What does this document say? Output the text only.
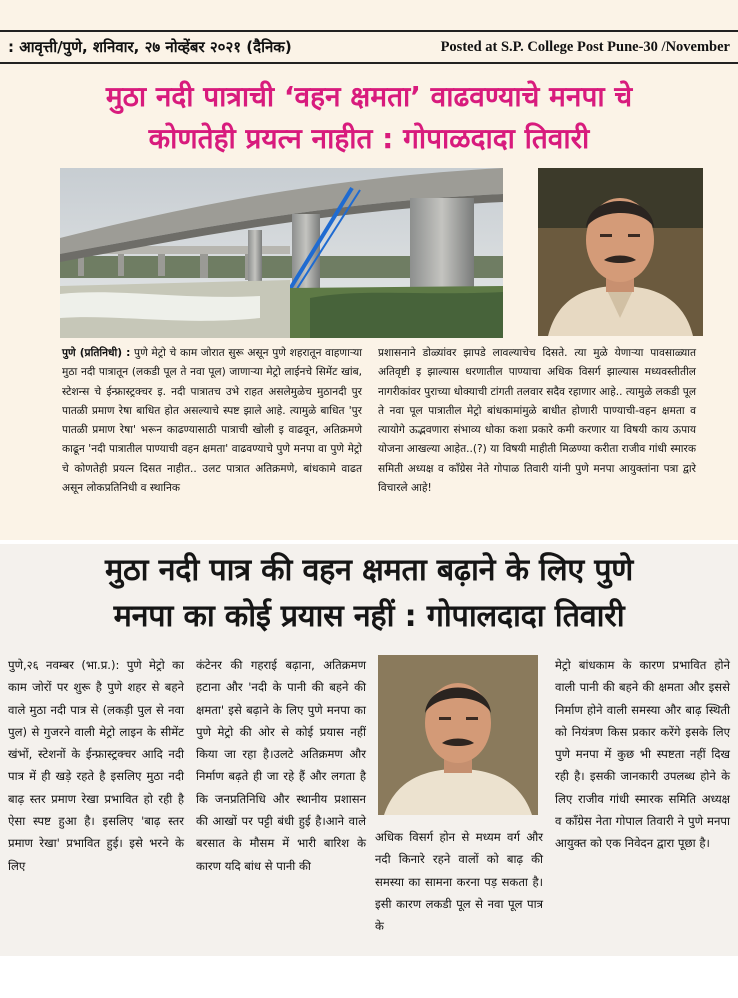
: आवृत्ती/पुणे, शनिवार, २७ नोव्हेंबर २०२१ (दैनिक)	Posted at S.P. College Post Pune-30 /November
मुठा नदी पात्राची ‘वहन क्षमता’ वाढवण्याचे मनपा चे
कोणतेही प्रयत्न नाहीत : गोपाळदादा तिवारी

पुणे (प्रतिनिधी) : पुणे मेट्रो चे काम जोरात सुरू असून पुणे शहरातून वाहणाऱ्या मुठा नदी पात्रातून (लकडी पूल ते नवा पूल) जाणाऱ्या मेट्रो लाईनचे सिमेंट खांब, स्टेशन्स चे ईन्फ्रास्ट्रक्चर इ. नदी पात्रातच उभे राहत असलेमुळेच मुठानदी पुर पातळी प्रमाण रेषा बाधित होत असल्याचे स्पष्ट झाले आहे. त्यामुळे बाधित 'पुर पातळी प्रमाण रेषा' भरून काढण्यासाठी पात्राची खोली इ वाढवून, अतिक्रमणे काढून 'नदी पात्रातील पाण्याची वहन क्षमता' वाढवण्याचे पुणे मनपा वा पुणे मेट्रो चे कोणतेही प्रयत्न दिसत नाहीत.. उलट पात्रात अतिक्रमणे, बांधकामे वाढत असून लोकप्रतिनिधी व स्थानिक

प्रशासनाने डोळ्यांवर झापडे लावल्याचेच दिसते. त्या मुळे येणाऱ्या पावसाळ्यात अतिवृष्टी इ झाल्यास धरणातील पाण्याचा अधिक विसर्ग झाल्यास मध्यवस्तीतील नागरीकांवर पुराच्या धोक्याची टांगती तलवार सदैव रहाणार आहे.. त्यामुळे लकडी पूल ते नवा पूल पात्रातील मेट्रो बांधकामांमुळे बाधीत होणारी पाण्याची-वहन क्षमता व त्यायोगे ऊद्भवणारा संभाव्य धोका कशा प्रकारे कमी करणार या विषयी काय ऊपाय योजना आखल्या आहेत..(?) या विषयी माहीती मिळण्या करीता राजीव गांधी स्मारक समिती अध्यक्ष व कॉंग्रेस नेते गोपाळ तिवारी यांनी पुणे मनपा आयुक्तांना पत्रा द्वारे विचारले आहे!

मुठा नदी पात्र की वहन क्षमता बढ़ाने के लिए पुणे
मनपा का कोई प्रयास नहीं : गोपालदादा तिवारी

पुणे,२६ नवम्बर (भा.प्र.): पुणे मेट्रो का काम जोरों पर शुरू है पुणे शहर से बहने वाले मुठा नदी पात्र से (लकड़ी पुल से नवा पुल) से गुजरने वाली मेट्रो लाइन के सीमेंट खंभों, स्टेशनों के ईन्फ्रास्ट्रक्चर आदि नदी पात्र में ही खड़े रहते है इसलिए मुठा नदी बाढ़ स्तर प्रमाण रेखा प्रभावित हो रही है ऐसा स्पष्ट हुआ है। इसलिए 'बाढ़ स्तर प्रमाण रेखा' प्रभावित हुई। इसे भरने के लिए

कंटेनर की गहराई बढ़ाना, अतिक्रमण हटाना और 'नदी के पानी की बहने की क्षमता' इसे बढ़ाने के लिए पुणे मनपा का पुणे मेट्रो की ओर से कोई प्रयास नहीं किया जा रहा है।उलटे अतिक्रमण और निर्माण बढ़ते ही जा रहे हैं और लगता है कि जनप्रतिनिधि और स्थानीय प्रशासन की आखों पर पट्टी बंधी हुई है।आने वाले बरसात के मौसम में भारी बारिश के कारण यदि बांध से पानी की

अधिक विसर्ग होन से मध्यम वर्ग और नदी किनारे रहने वालों को बाढ़ की समस्या का सामना करना पड़ सकता है। इसी कारण लकडी पूल से नवा पूल पात्र के

मेट्रो बांधकाम के कारण प्रभावित होने वाली पानी की बहने की क्षमता और इससे निर्माण होने वाली समस्या और बाढ़ स्थिती को नियंत्रण किस प्रकार करेंगे इसके लिए पुणे मनपा में कुछ भी स्पष्टता नहीं दिख रही है। इसकी जानकारी उपलब्ध होने के लिए राजीव गांधी स्मारक समिति अध्यक्ष व कॉंग्रेस नेता गोपाल तिवारी ने पुणे मनपा आयुक्त को एक निवेदन द्वारा पूछा है।
